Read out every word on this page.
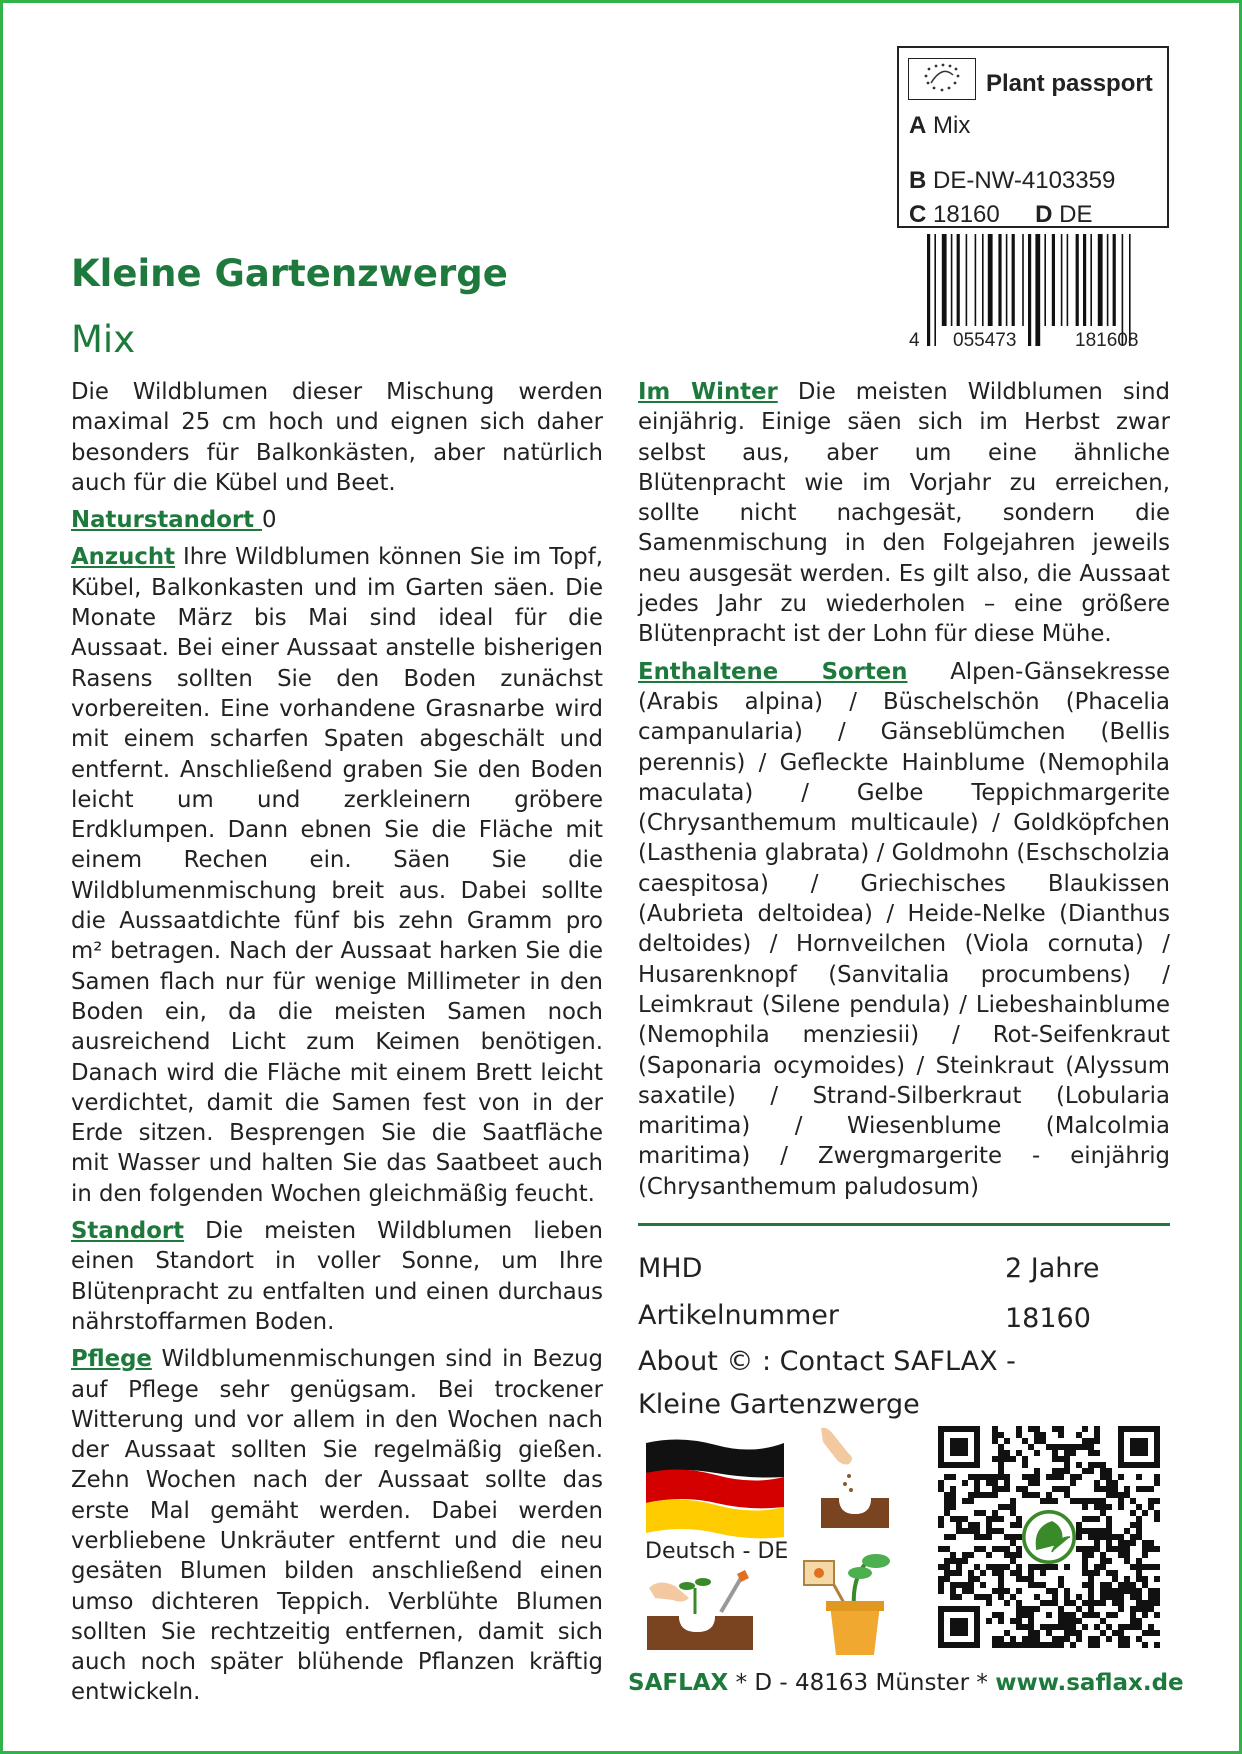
Plant passport
A Mix
B DE-NW-4103359
C 18160 D DE
4 055473	181608
Kleine Gartenzwerge
Mix

Die Wildblumen dieser Mischung werden maximal 25 cm hoch und eignen sich daher besonders für Balkonkästen, aber natürlich auch für die Kübel und Beet.

Naturstandort 0

Anzucht Ihre Wildblumen können Sie im Topf, Kübel, Balkonkasten und im Garten säen. Die Monate März bis Mai sind ideal für die Aussaat. Bei einer Aussaat anstelle bisherigen Rasens sollten Sie den Boden zunächst vorbereiten. Eine vorhandene Grasnarbe wird mit einem scharfen Spaten abgeschält und entfernt. Anschließend graben Sie den Boden leicht um und zerkleinern gröbere Erdklumpen. Dann ebnen Sie die Fläche mit einem Rechen ein. Säen Sie die Wildblumenmischung breit aus. Dabei sollte die Aussaatdichte fünf bis zehn Gramm pro m² betragen. Nach der Aussaat harken Sie die Samen flach nur für wenige Millimeter in den Boden ein, da die meisten Samen noch ausreichend Licht zum Keimen benötigen. Danach wird die Fläche mit einem Brett leicht verdichtet, damit die Samen fest von in der Erde sitzen. Besprengen Sie die Saatfläche mit Wasser und halten Sie das Saatbeet auch in den folgenden Wochen gleichmäßig feucht.

Standort Die meisten Wildblumen lieben einen Standort in voller Sonne, um Ihre Blütenpracht zu entfalten und einen durchaus nährstoffarmen Boden.

Pflege Wildblumenmischungen sind in Bezug auf Pflege sehr genügsam. Bei trockener Witterung und vor allem in den Wochen nach der Aussaat sollten Sie regelmäßig gießen. Zehn Wochen nach der Aussaat sollte das erste Mal gemäht werden. Dabei werden verbliebene Unkräuter entfernt und die neu gesäten Blumen bilden anschließend einen umso dichteren Teppich. Verblühte Blumen sollten Sie rechtzeitig entfernen, damit sich auch noch später blühende Pflanzen kräftig entwickeln.

Im Winter Die meisten Wildblumen sind einjährig. Einige säen sich im Herbst zwar selbst aus, aber um eine ähnliche Blütenpracht wie im Vorjahr zu erreichen, sollte nicht nachgesät, sondern die Samenmischung in den Folgejahren jeweils neu ausgesät werden. Es gilt also, die Aussaat jedes Jahr zu wiederholen – eine größere Blütenpracht ist der Lohn für diese Mühe.

Enthaltene Sorten Alpen-Gänsekresse (Arabis alpina) / Büschelschön (Phacelia campanularia) / Gänseblümchen (Bellis perennis) / Gefleckte Hainblume (Nemophila maculata) / Gelbe Teppichmargerite (Chrysanthemum multicaule) / Goldköpfchen (Lasthenia glabrata) / Goldmohn (Eschscholzia caespitosa) / Griechisches Blaukissen (Aubrieta deltoidea) / Heide-Nelke (Dianthus deltoides) / Hornveilchen (Viola cornuta) / Husarenknopf (Sanvitalia procumbens) / Leimkraut (Silene pendula) / Liebeshainblume (Nemophila menziesii) / Rot-Seifenkraut (Saponaria ocymoides) / Steinkraut (Alyssum saxatile) / Strand-Silberkraut (Lobularia maritima) / Wiesenblume (Malcolmia maritima) / Zwergmargerite - einjährig (Chrysanthemum paludosum)

MHD	2 Jahre
Artikelnummer	18160
About © : Contact SAFLAX -
Kleine Gartenzwerge
Deutsch - DE
SAFLAX * D - 48163 Münster * www.saflax.de
